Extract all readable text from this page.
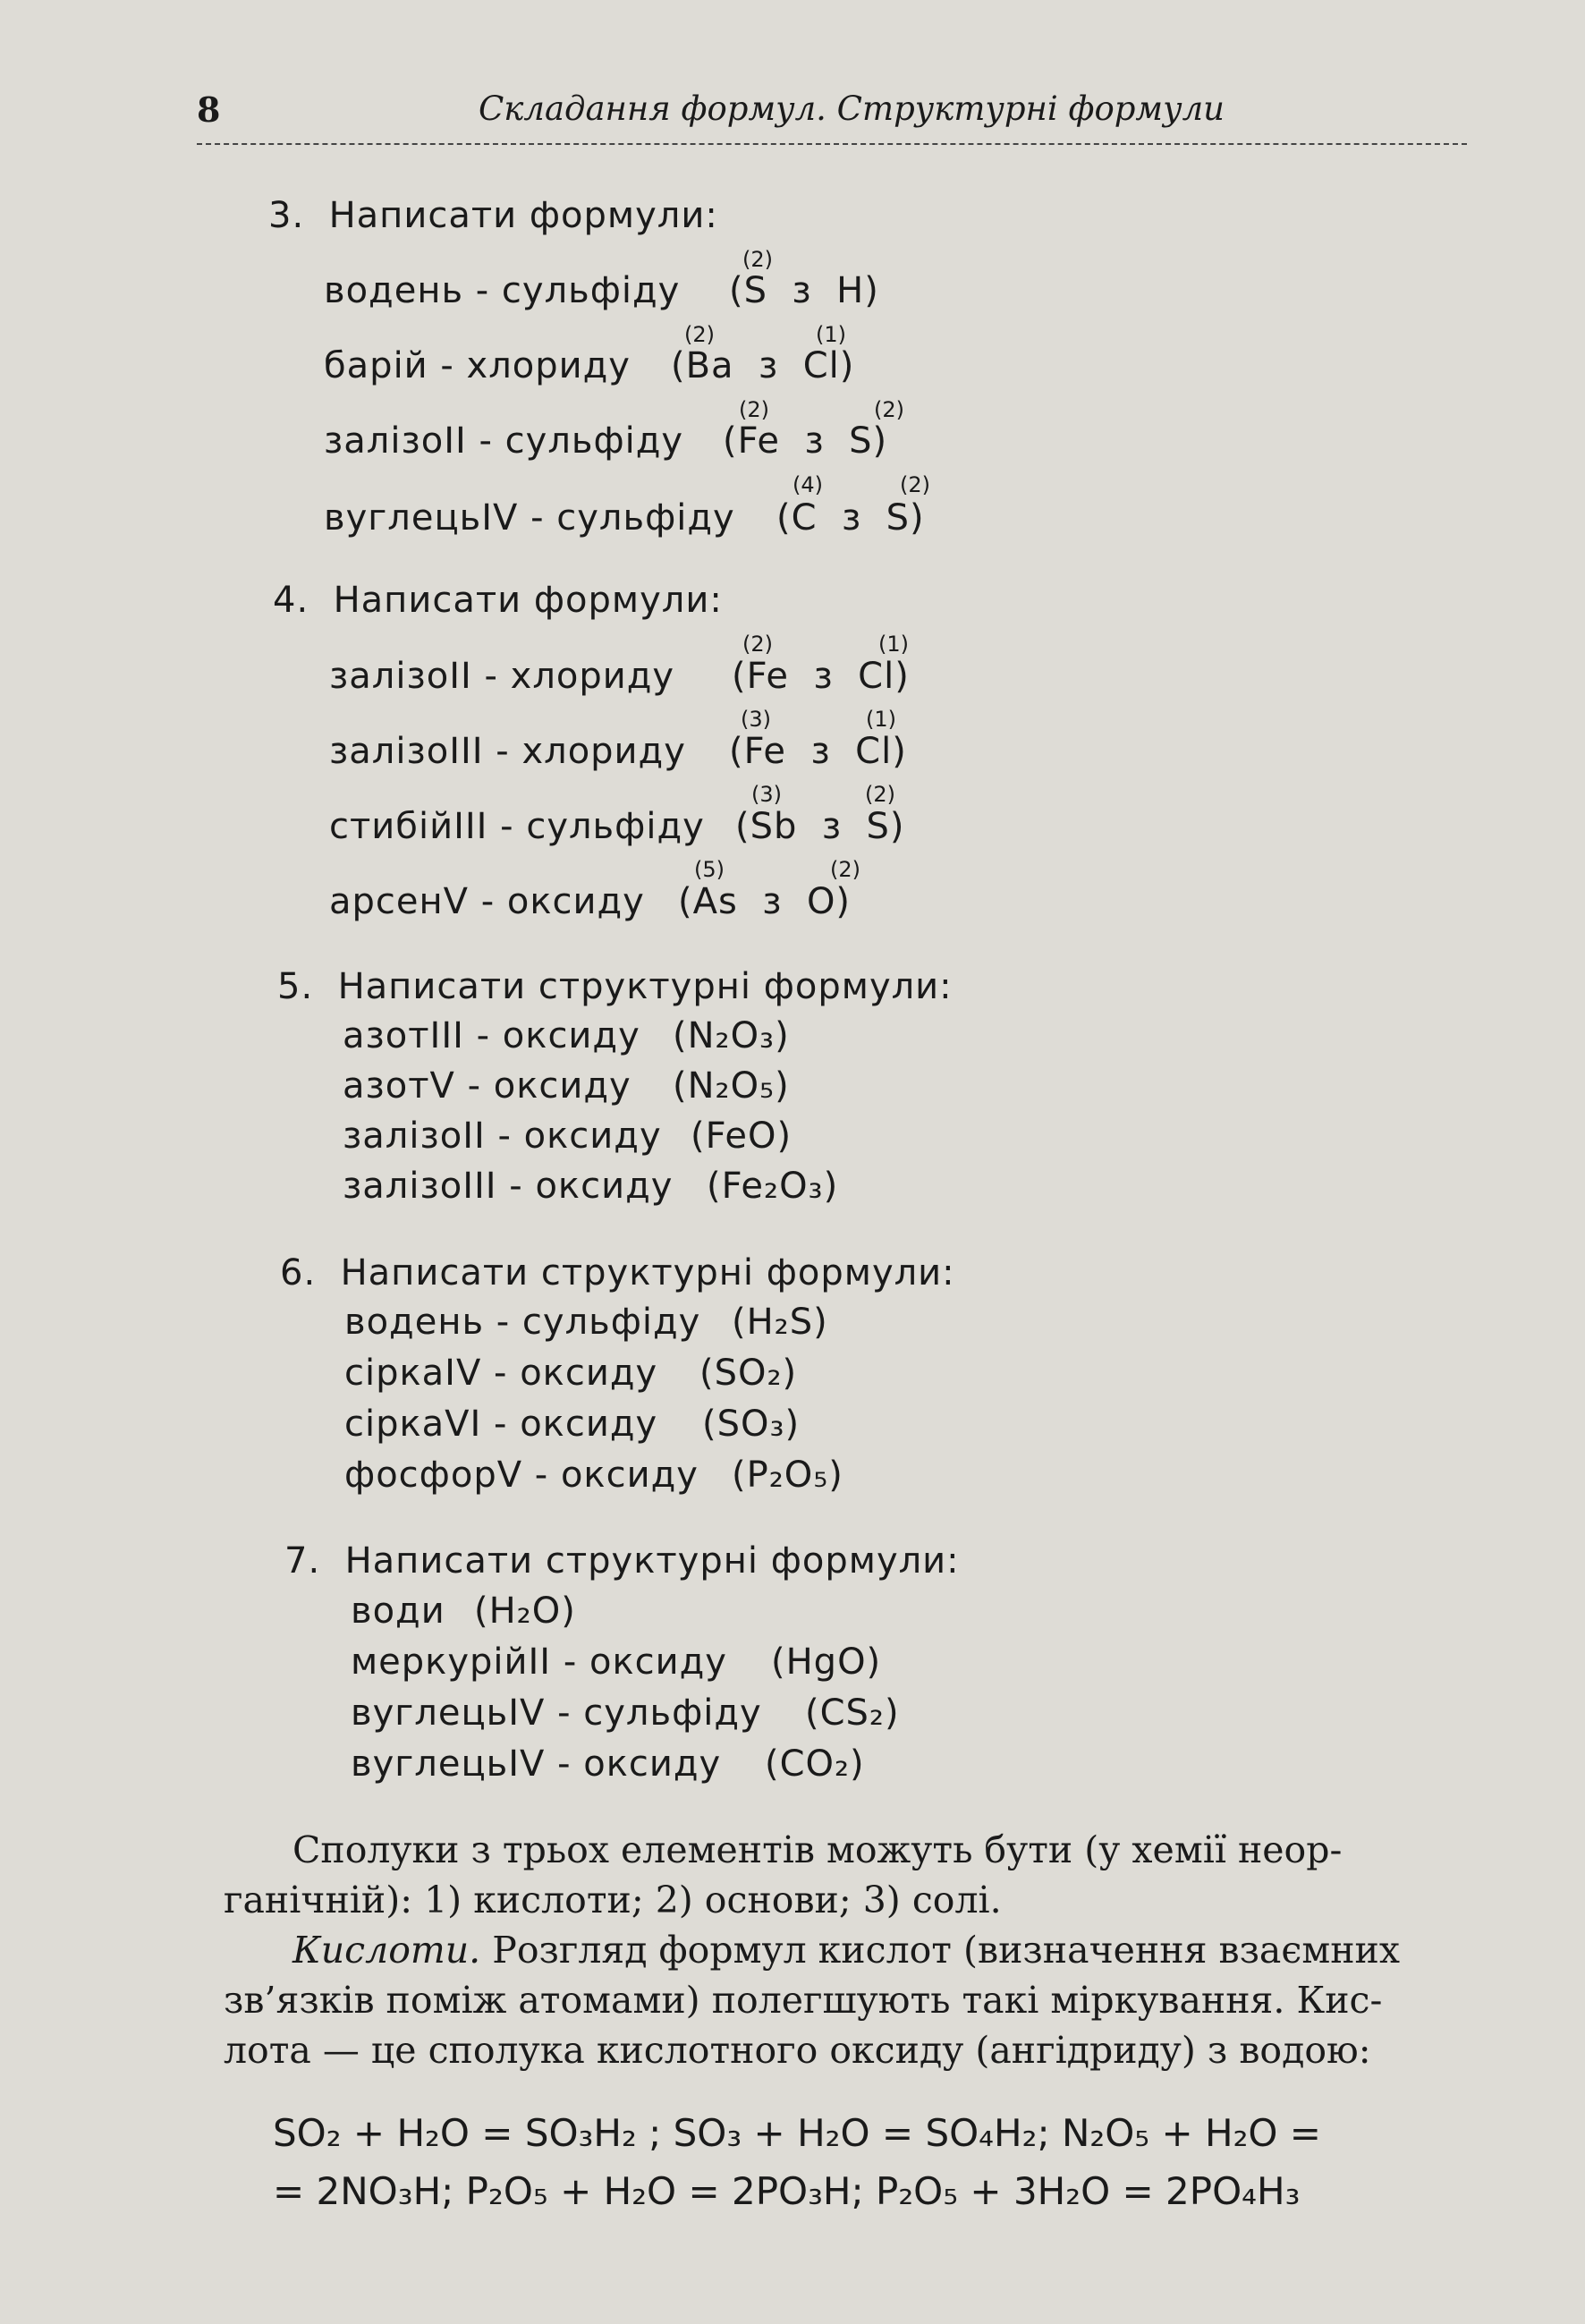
8	Складання формул. Структурні формули
3.  Написати формули:
водень - сульфіду (S  з  H)
(2)
барій - хлориду (Ba  з  Cl)
(2)	(1)
залізоII - сульфіду (Fe  з  S)
(2)	(2)
вуглецьIV - сульфіду (C  з  S)
(4)	(2)
4.  Написати формули:
залізоII - хлориду (Fe  з  Cl)
(2)	(1)
залізоIII - хлориду (Fe  з  Cl)
(3)	(1)
стибійIII - сульфіду (Sb  з  S)
(3)	(2)
арсенV - оксиду (As  з  O)
(5)	(2)
5.  Написати структурні формули:
азотIII - оксиду (N₂O₃)
азотV - оксиду (N₂O₅)
залізоII - оксиду (FeO)
залізоIII - оксиду (Fe₂O₃)
6.  Написати структурні формули:
водень - сульфіду (H₂S)
сіркаIV - оксиду (SO₂)
сіркаVI - оксиду (SO₃)
фосфорV - оксиду (P₂O₅)
7.  Написати структурні формули:
води (H₂O)
меркурійII - оксиду (HgO)
вуглецьIV - сульфіду (CS₂)
вуглецьIV - оксиду (CO₂)
Сполуки з трьох елементів можуть бути (у хемії неор-
ганічній): 1) кислоти; 2) основи; 3) солі.
Кислоти. Розгляд формул кислот (визначення взаємних
зв’язків поміж атомами) полегшують такі міркування. Кис-
лота — це сполука кислотного оксиду (ангідриду) з водою:
SO₂ + H₂O = SO₃H₂ ; SO₃ + H₂O = SO₄H₂; N₂O₅ + H₂O =
= 2NO₃H; P₂O₅ + H₂O = 2PO₃H; P₂O₅ + 3H₂O = 2PO₄H₃
